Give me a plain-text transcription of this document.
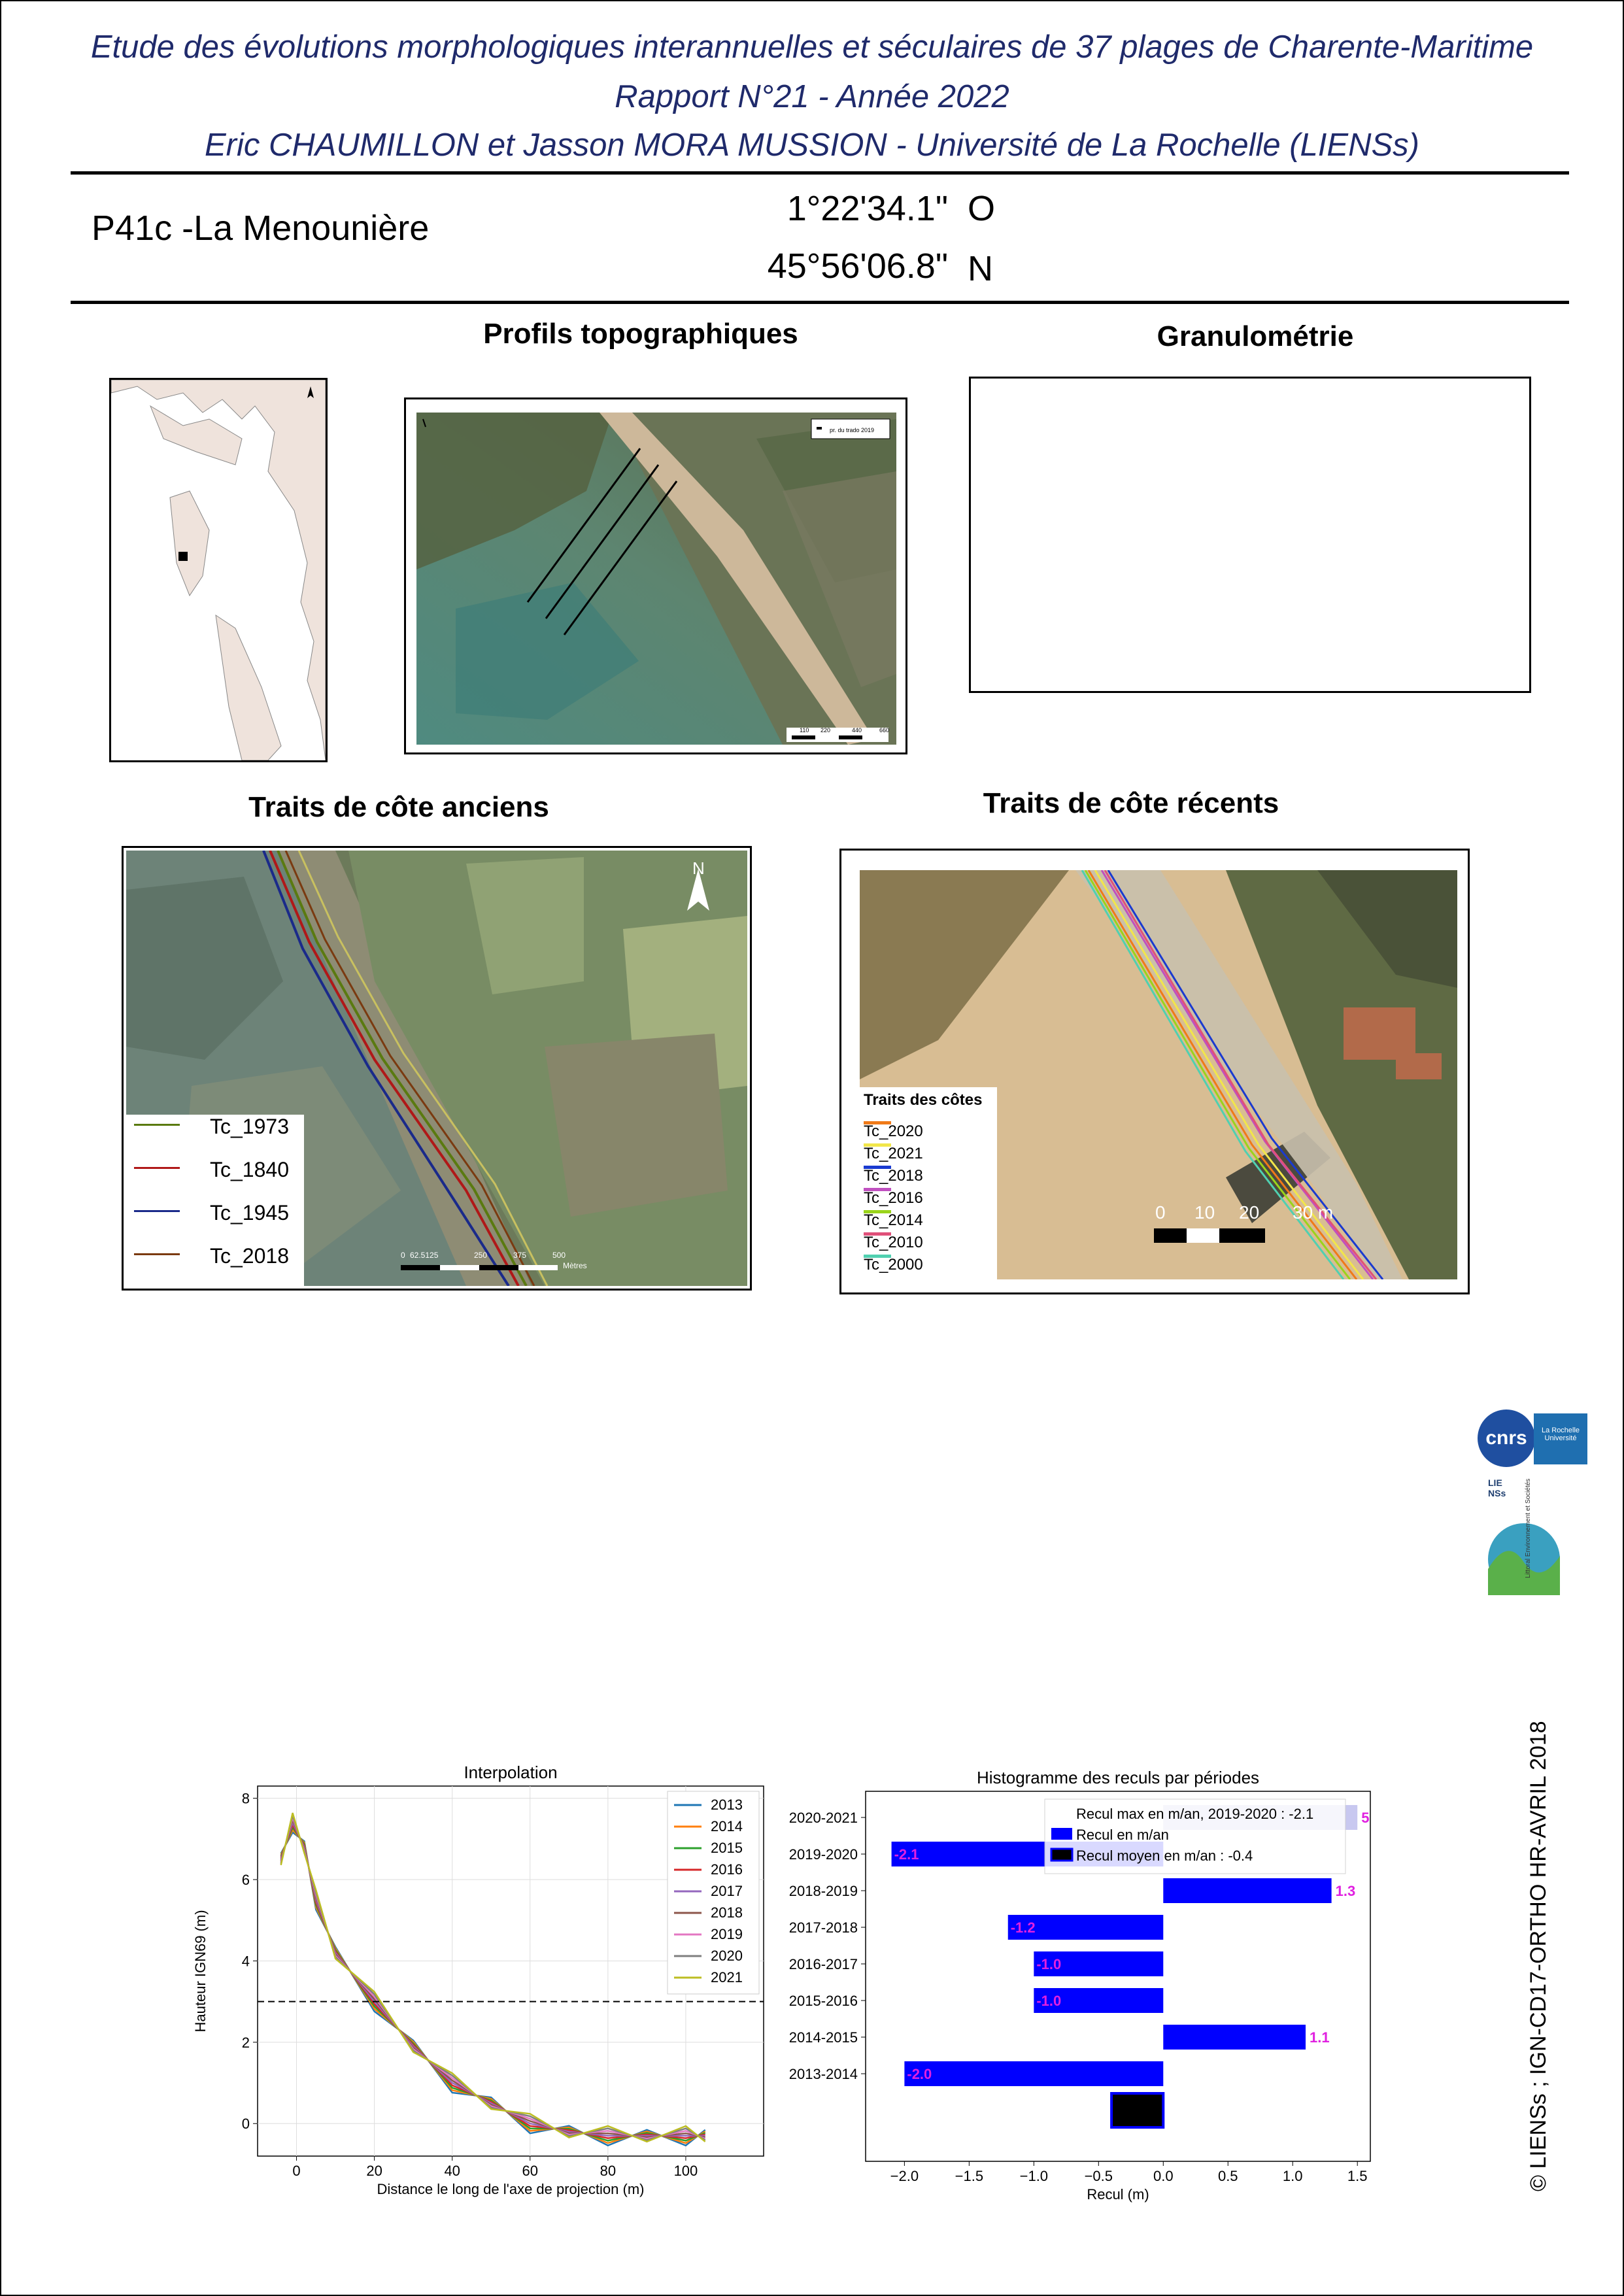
Etude des évolutions morphologiques interannuelles et séculaires de 37 plages de Charente-Maritime
Rapport N°21 - Année 2022
Eric CHAUMILLON et Jasson MORA MUSSION - Université de La Rochelle (LIENSs)
P41c -La Menounière	1°22'34.1" O
45°56'06.8" N
Profils topographiques	Granulométrie
pr. du trado 2019
110 220	440	660
Traits de côte anciens	Traits de côte récents
N
0 62.5125	250	375	500
Mètres
Tc_1973
Tc_1840
Tc_1945
Tc_2018
0 10 20 30 m
Traits des côtes
Tc_2020
Tc_2021
Tc_2018
Tc_2016
Tc_2014
Tc_2010
Tc_2000
0	20	40	60	80	100
0
2
4
6
8
Interpolation
Distance le long de l'axe de projection (m)
Hauteur IGN69 (m)
2013
2014
2015
2016
2017
2018
2019
2020
2021
−2.0	−1.5	−1.0	−0.5	0.0	0.5	1.0	1.5
Histogramme des reculs par périodes
Recul (m)
2020-2021	5
2019-2020	-2.1
2018-2019	1.3
2017-2018	-1.2
2016-2017	-1.0
2015-2016	-1.0
2014-2015	1.1
2013-2014	-2.0
Recul max en m/an, 2019-2020 : -2.1
Recul en m/an
Recul moyen en m/an : -0.4
cnrs	La Rochelle Université
LIENSs	Littoral Environnement et Sociétés
© LIENSs ; IGN-CD17-ORTHO HR-AVRIL 2018
